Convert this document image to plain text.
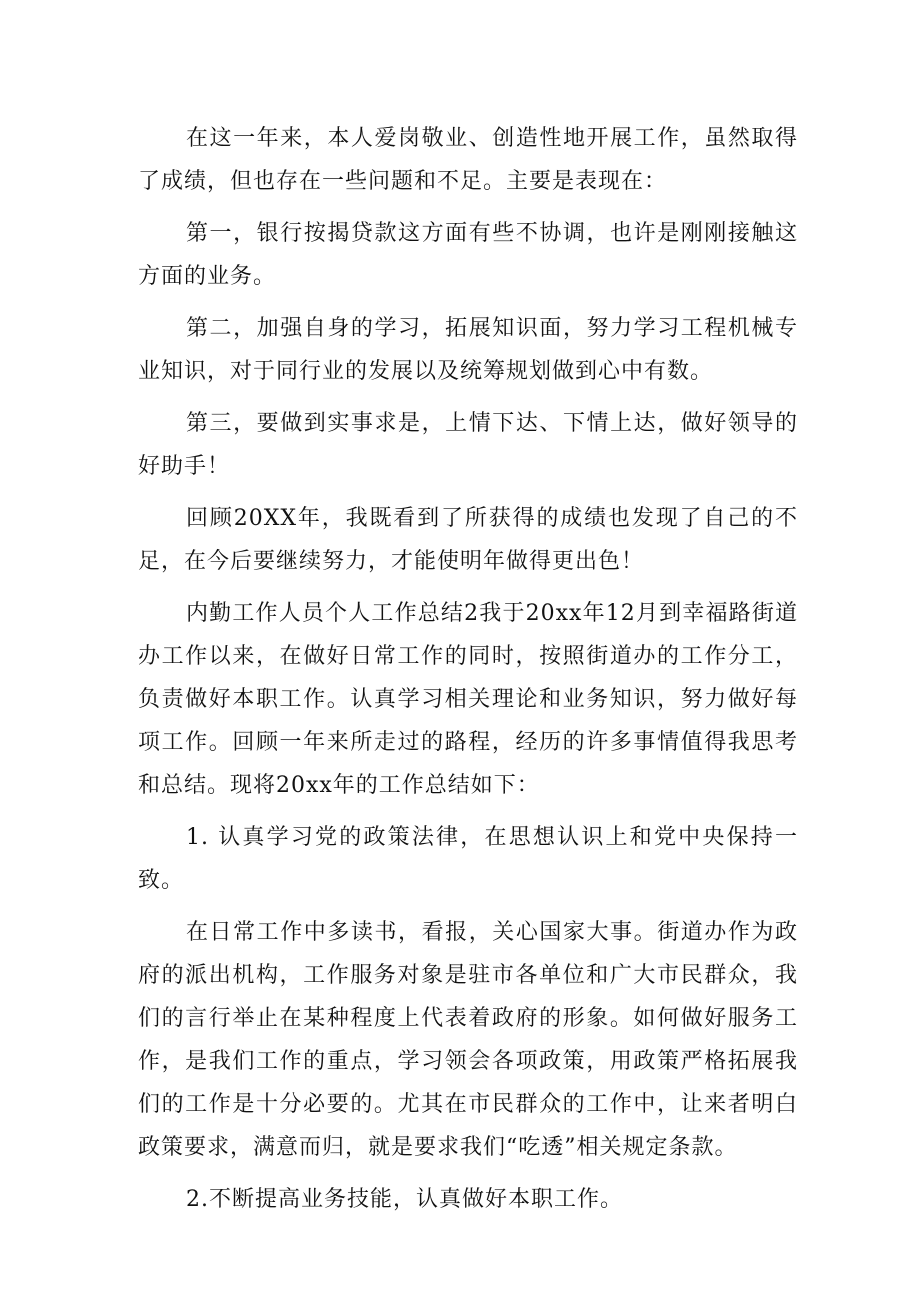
在这一年来，本人爱岗敬业、创造性地开展工作，虽然取得了成绩，但也存在一些问题和不足。主要是表现在：

第一，银行按揭贷款这方面有些不协调，也许是刚刚接触这方面的业务。

第二，加强自身的学习，拓展知识面，努力学习工程机械专业知识，对于同行业的发展以及统筹规划做到心中有数。

第三，要做到实事求是，上情下达、下情上达，做好领导的好助手！

回顾20XX年，我既看到了所获得的成绩也发现了自己的不足，在今后要继续努力，才能使明年做得更出色！

内勤工作人员个人工作总结2我于20xx年12月到幸福路街道办工作以来，在做好日常工作的同时，按照街道办的工作分工，负责做好本职工作。认真学习相关理论和业务知识，努力做好每项工作。回顾一年来所走过的路程，经历的许多事情值得我思考和总结。现将20xx年的工作总结如下：

1. 认真学习党的政策法律，在思想认识上和党中央保持一致。

在日常工作中多读书，看报，关心国家大事。街道办作为政府的派出机构，工作服务对象是驻市各单位和广大市民群众，我们的言行举止在某种程度上代表着政府的形象。如何做好服务工作，是我们工作的重点，学习领会各项政策，用政策严格拓展我们的工作是十分必要的。尤其在市民群众的工作中，让来者明白政策要求，满意而归，就是要求我们“吃透”相关规定条款。

2.不断提高业务技能，认真做好本职工作。
